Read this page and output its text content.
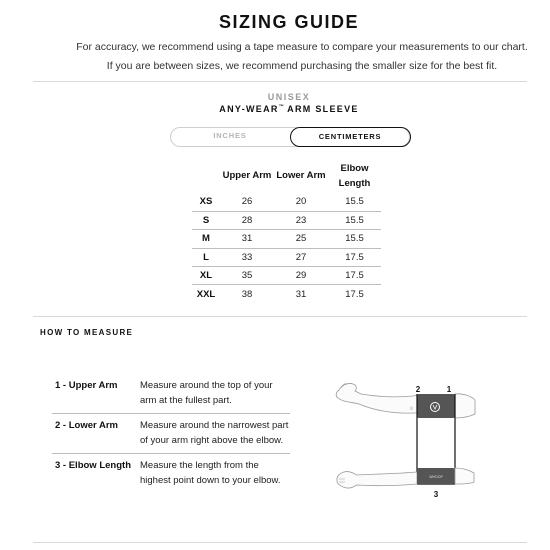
SIZING GUIDE
For accuracy, we recommend using a tape measure to compare your measurements to our chart.
If you are between sizes, we recommend purchasing the smaller size for the best fit.
UNISEX
ANY-WEAR™ ARM SLEEVE
INCHES	CENTIMETERS
	Upper Arm	Lower Arm	Elbow
Length
XS	26	20	15.5
S	28	23	15.5
M	31	25	15.5
L	33	27	17.5
XL	35	29	17.5
XXL	38	31	17.5
HOW TO MEASURE
1 - Upper Arm	Measure around the top of your arm at the fullest part.
2 - Lower Arm	Measure around the narrowest part of your arm right above the elbow.
3 - Elbow Length Measure the length from the highest point down to your elbow.
lll
2	1
3
WHOOP
